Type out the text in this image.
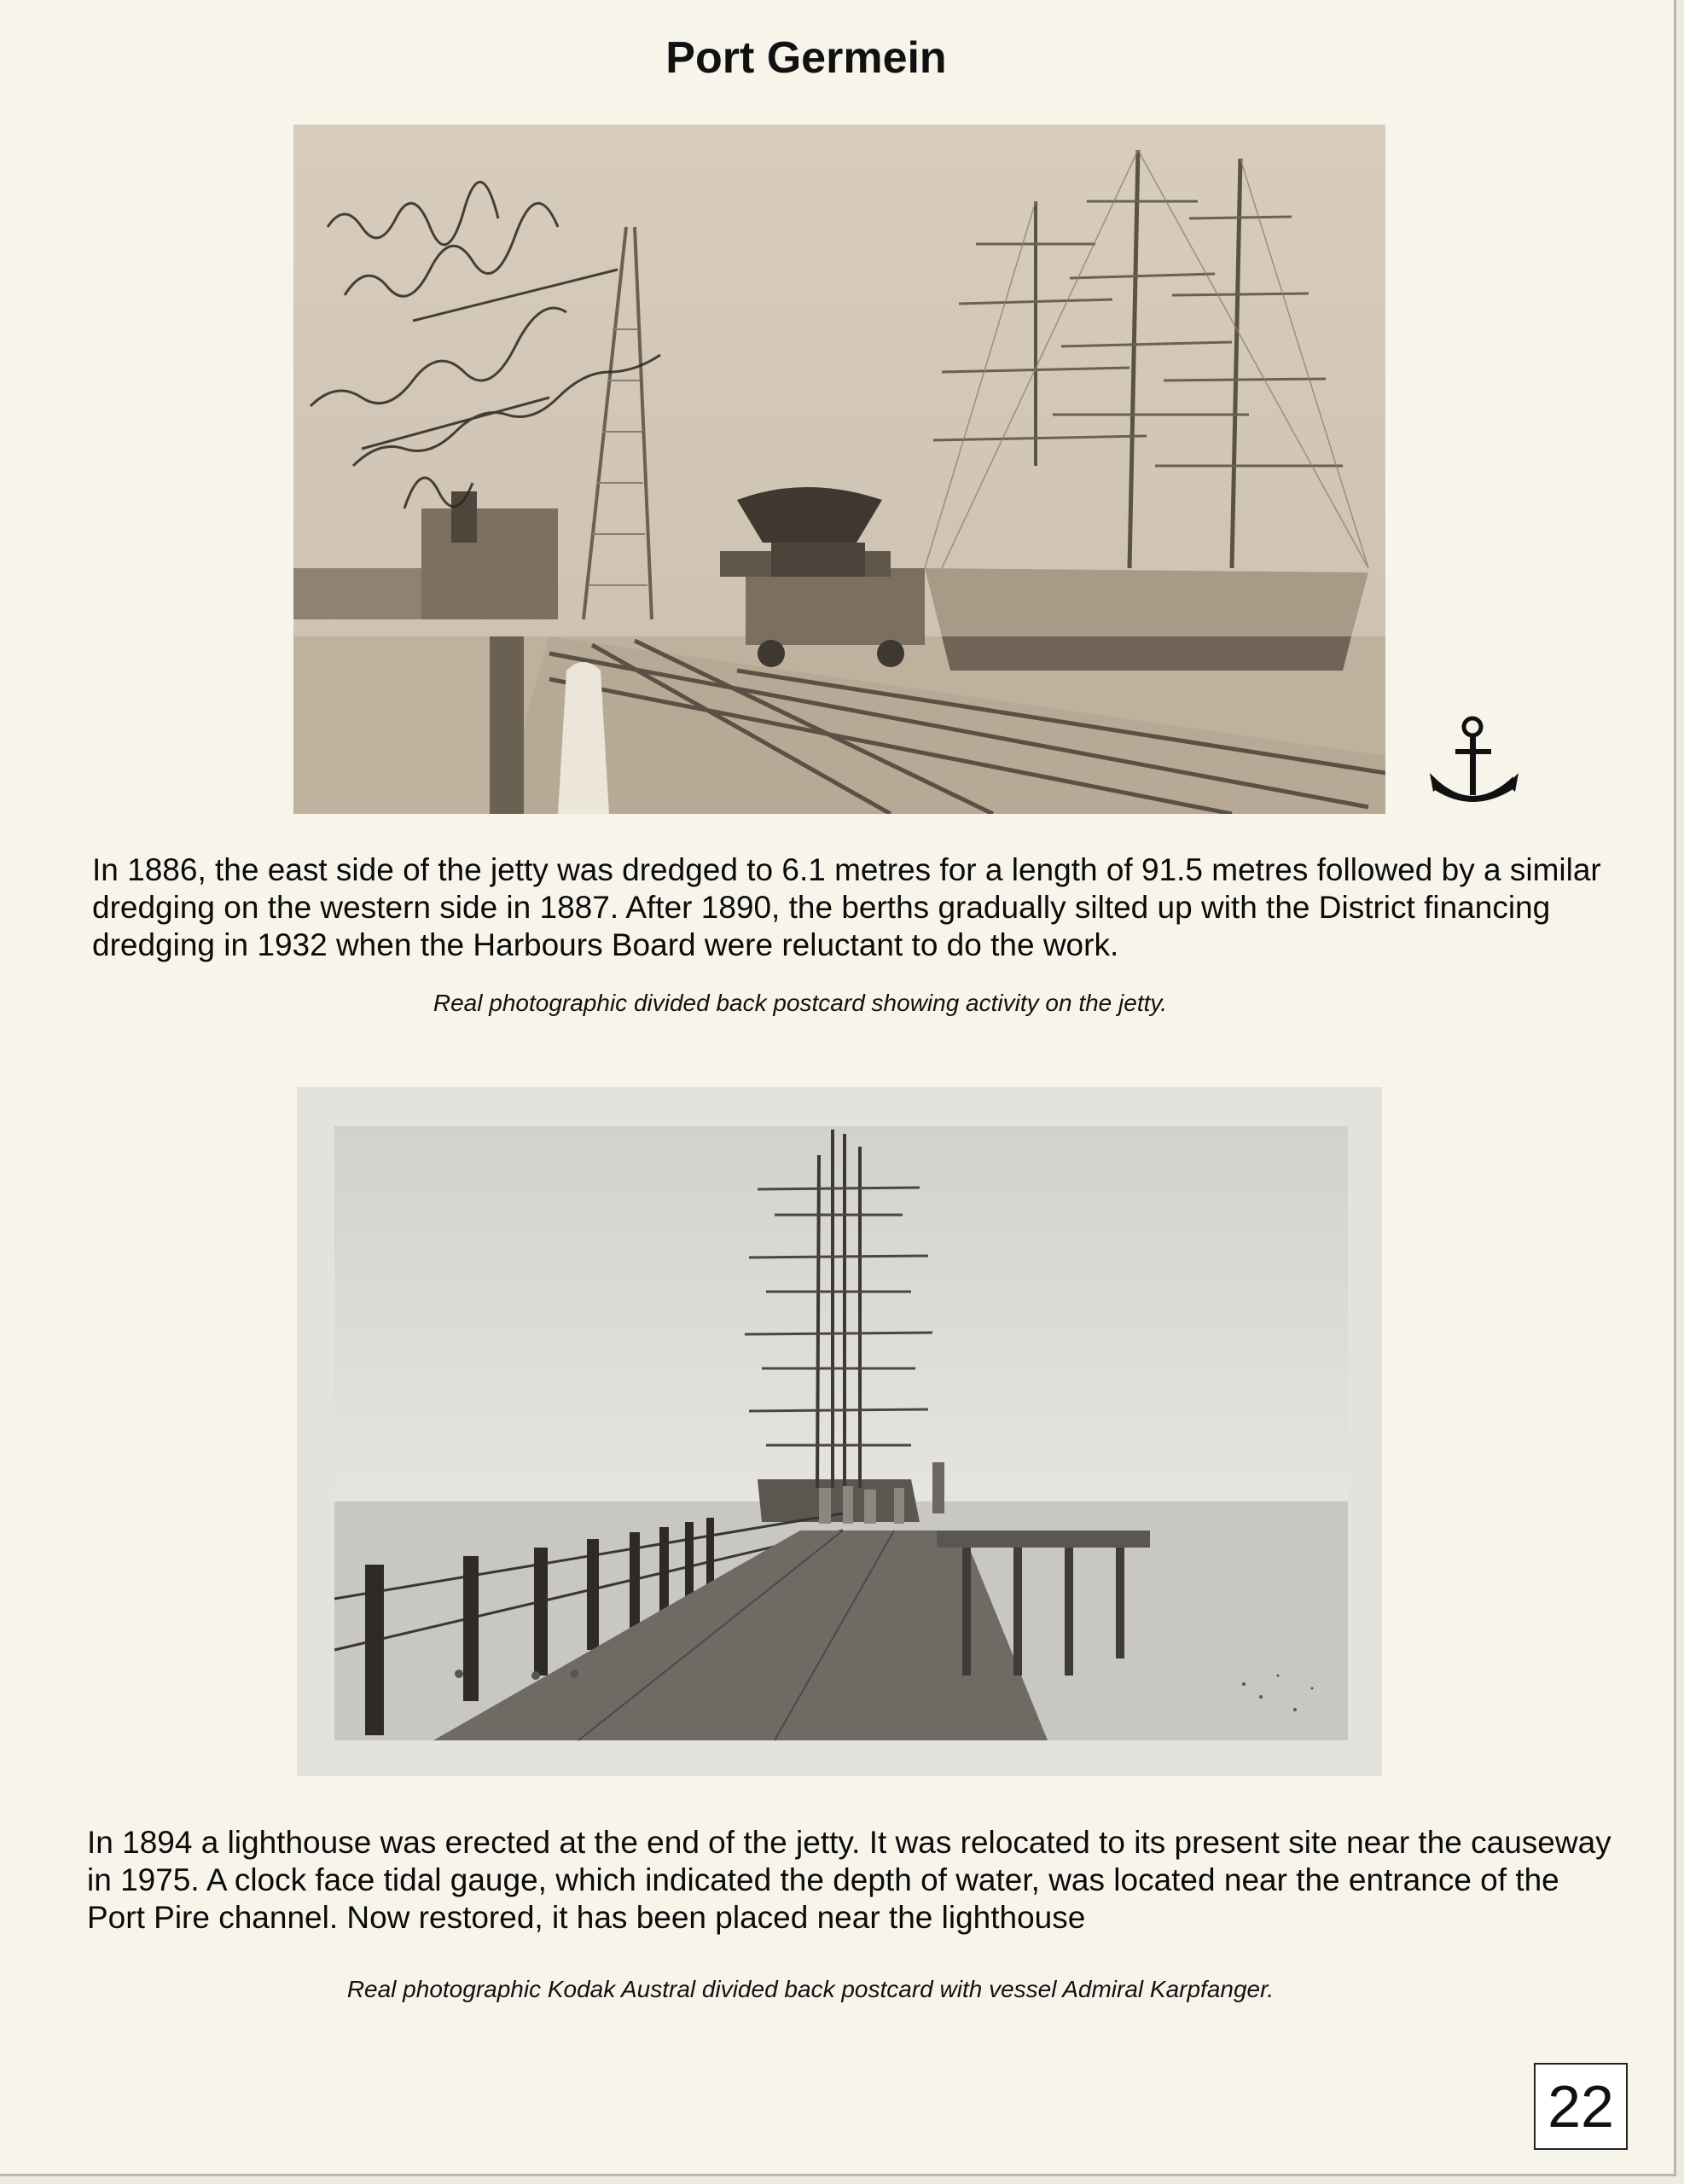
Port Germein
In 1886, the east side of the jetty was dredged to 6.1 metres for a length of 91.5 metres followed by a similar dredging on the western side in 1887. After 1890, the berths gradually silted up with the District financing dredging in 1932 when the Harbours Board were reluctant to do the work.
Real photographic divided back postcard showing activity on the jetty.
In 1894 a lighthouse was erected at the end of the jetty. It was relocated to its present site near the causeway in 1975. A clock face tidal gauge, which indicated the depth of water, was located near the entrance of the Port Pire channel. Now restored, it has been placed near the lighthouse
Real photographic Kodak Austral divided back postcard with vessel Admiral Karpfanger.
22
